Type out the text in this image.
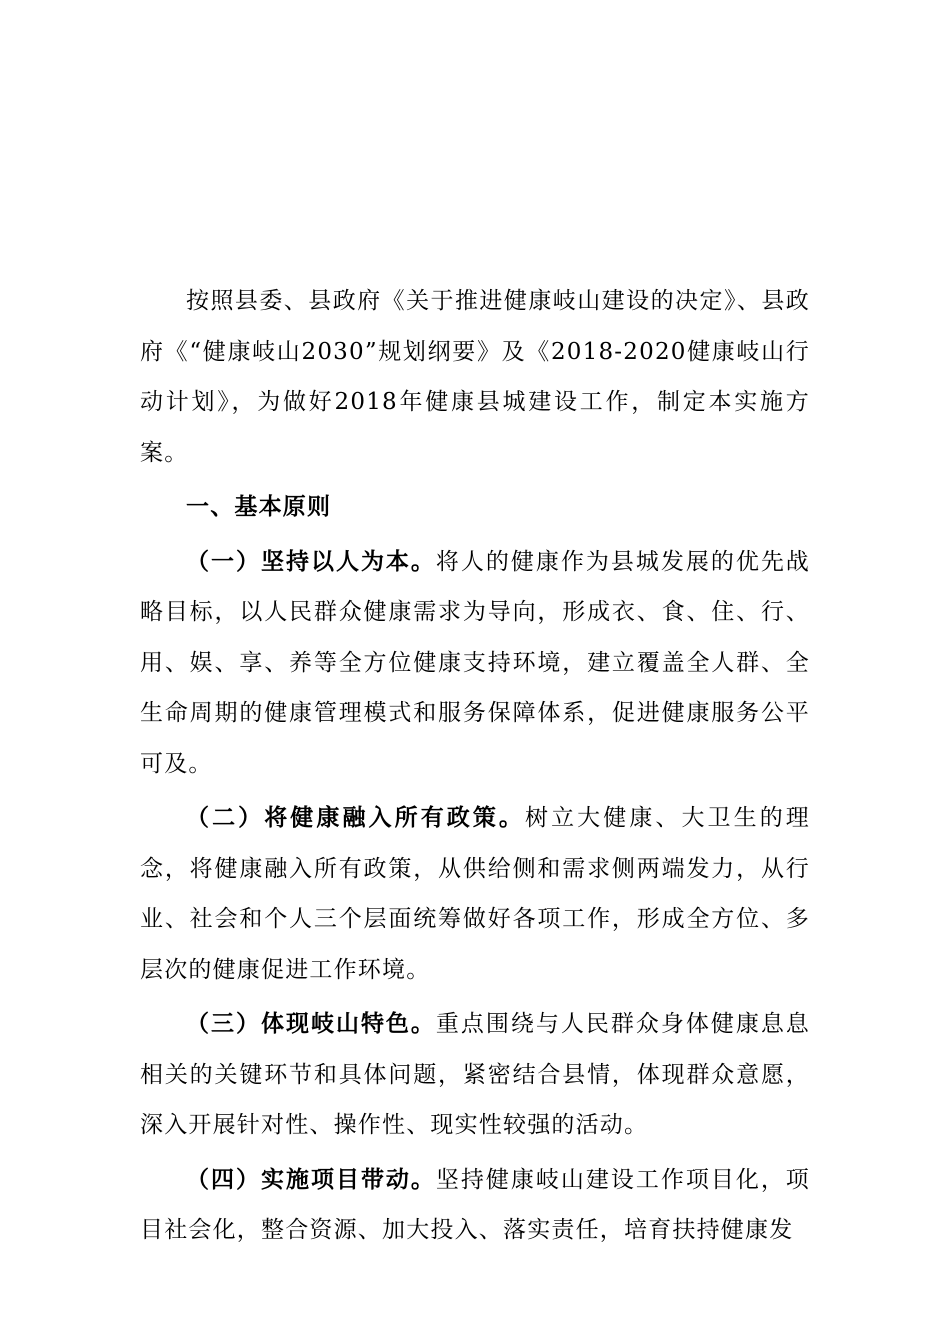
按照县委、县政府《关于推进健康岐山建设的决定》、县政府《“健康岐山2030”规划纲要》及《2018-2020健康岐山行动计划》，为做好2018年健康县城建设工作，制定本实施方案。

一、基本原则

（一）坚持以人为本。将人的健康作为县城发展的优先战略目标，以人民群众健康需求为导向，形成衣、食、住、行、用、娱、享、养等全方位健康支持环境，建立覆盖全人群、全生命周期的健康管理模式和服务保障体系，促进健康服务公平可及。

（二）将健康融入所有政策。树立大健康、大卫生的理念，将健康融入所有政策，从供给侧和需求侧两端发力，从行业、社会和个人三个层面统筹做好各项工作，形成全方位、多层次的健康促进工作环境。

（三）体现岐山特色。重点围绕与人民群众身体健康息息相关的关键环节和具体问题，紧密结合县情，体现群众意愿，深入开展针对性、操作性、现实性较强的活动。

（四）实施项目带动。坚持健康岐山建设工作项目化，项目社会化，整合资源、加大投入、落实责任，培育扶持健康发
